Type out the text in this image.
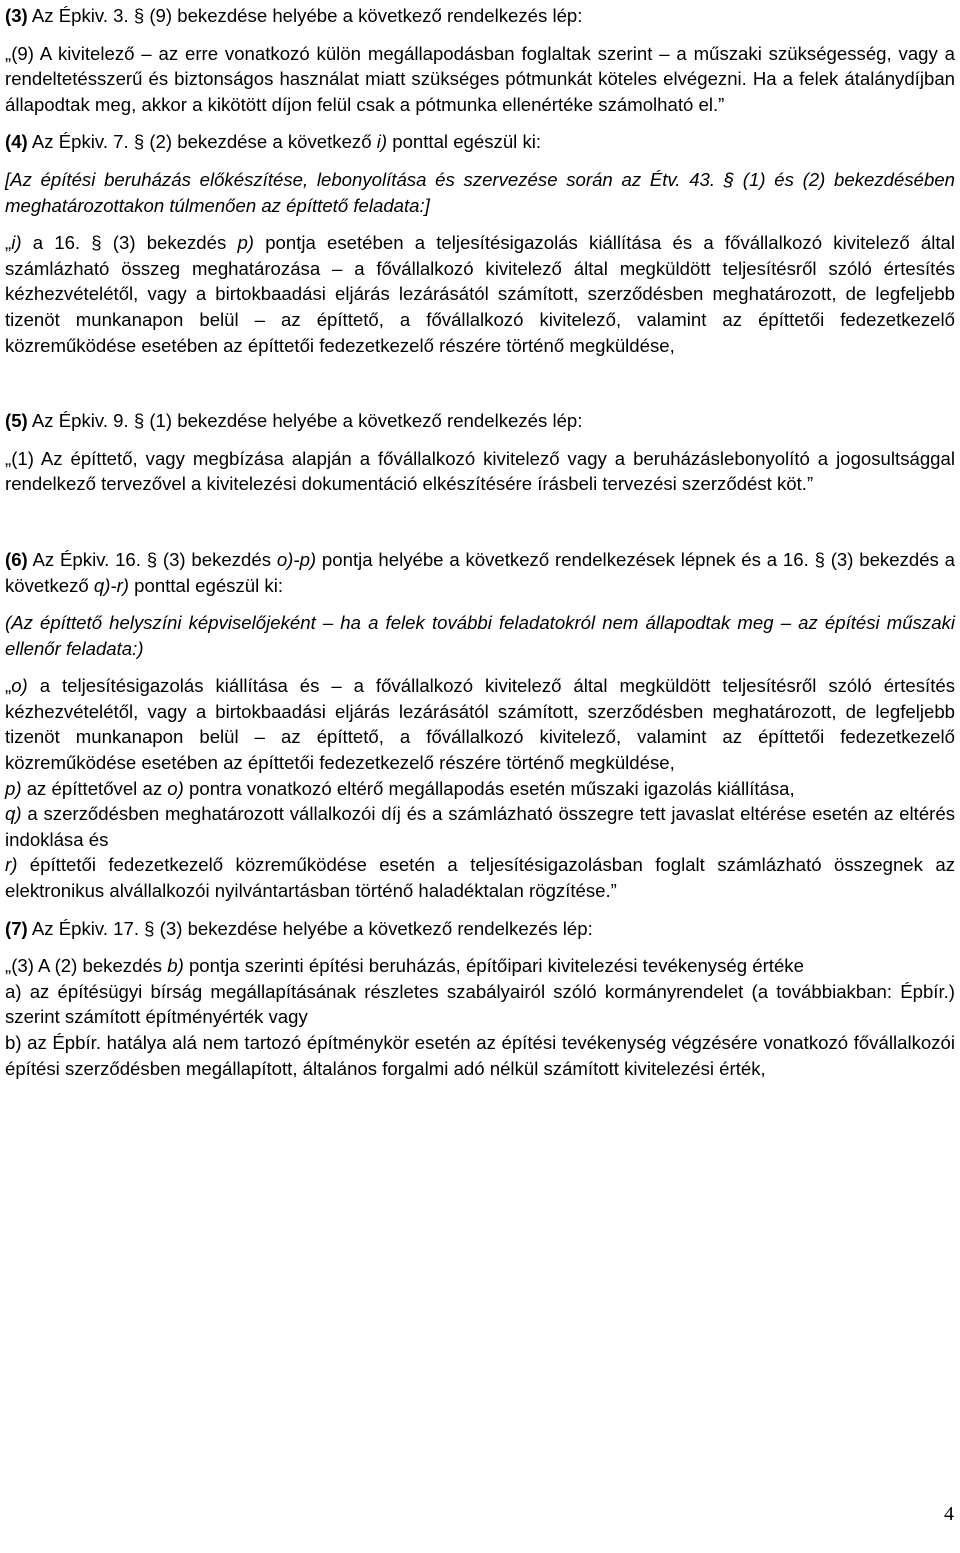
(3) Az Épkiv. 3. § (9) bekezdése helyébe a következő rendelkezés lép:

„(9) A kivitelező – az erre vonatkozó külön megállapodásban foglaltak szerint – a műszaki szükségesség, vagy a rendeltetésszerű és biztonságos használat miatt szükséges pótmunkát köteles elvégezni. Ha a felek átalánydíjban állapodtak meg, akkor a kikötött díjon felül csak a pótmunka ellenértéke számolható el.”

(4) Az Épkiv. 7. § (2) bekezdése a következő i) ponttal egészül ki:

[Az építési beruházás előkészítése, lebonyolítása és szervezése során az Étv. 43. § (1) és (2) bekezdésében meghatározottakon túlmenően az építtető feladata:]

„i) a 16. § (3) bekezdés p) pontja esetében a teljesítésigazolás kiállítása és a fővállalkozó kivitelező által számlázható összeg meghatározása – a fővállalkozó kivitelező által megküldött teljesítésről szóló értesítés kézhezvételétől, vagy a birtokbaadási eljárás lezárásától számított, szerződésben meghatározott, de legfeljebb tizenöt munkanapon belül – az építtető, a fővállalkozó kivitelező, valamint az építtetői fedezetkezelő közreműködése esetében az építtetői fedezetkezelő részére történő megküldése,

(5) Az Épkiv. 9. § (1) bekezdése helyébe a következő rendelkezés lép:

„(1) Az építtető, vagy megbízása alapján a fővállalkozó kivitelező vagy a beruházáslebonyolító a jogosultsággal rendelkező tervezővel a kivitelezési dokumentáció elkészítésére írásbeli tervezési szerződést köt.”

(6) Az Épkiv. 16. § (3) bekezdés o)-p) pontja helyébe a következő rendelkezések lépnek és a 16. § (3) bekezdés a következő q)-r) ponttal egészül ki:

(Az építtető helyszíni képviselőjeként – ha a felek további feladatokról nem állapodtak meg – az építési műszaki ellenőr feladata:)

„o) a teljesítésigazolás kiállítása és – a fővállalkozó kivitelező által megküldött teljesítésről szóló értesítés kézhezvételétől, vagy a birtokbaadási eljárás lezárásától számított, szerződésben meghatározott, de legfeljebb tizenöt munkanapon belül – az építtető, a fővállalkozó kivitelező, valamint az építtetői fedezetkezelő közreműködése esetében az építtetői fedezetkezelő részére történő megküldése,

p) az építtetővel az o) pontra vonatkozó eltérő megállapodás esetén műszaki igazolás kiállítása,

q) a szerződésben meghatározott vállalkozói díj és a számlázható összegre tett javaslat eltérése esetén az eltérés indoklása és

r) építtetői fedezetkezelő közreműködése esetén a teljesítésigazolásban foglalt számlázható összegnek az elektronikus alvállalkozói nyilvántartásban történő haladéktalan rögzítése.”

(7) Az Épkiv. 17. § (3) bekezdése helyébe a következő rendelkezés lép:

„(3) A (2) bekezdés b) pontja szerinti építési beruházás, építőipari kivitelezési tevékenység értéke

a) az építésügyi bírság megállapításának részletes szabályairól szóló kormányrendelet (a továbbiakban: Épbír.) szerint számított építményérték vagy

b) az Épbír. hatálya alá nem tartozó építménykör esetén az építési tevékenység végzésére vonatkozó fővállalkozói építési szerződésben megállapított, általános forgalmi adó nélkül számított kivitelezési érték,

4
